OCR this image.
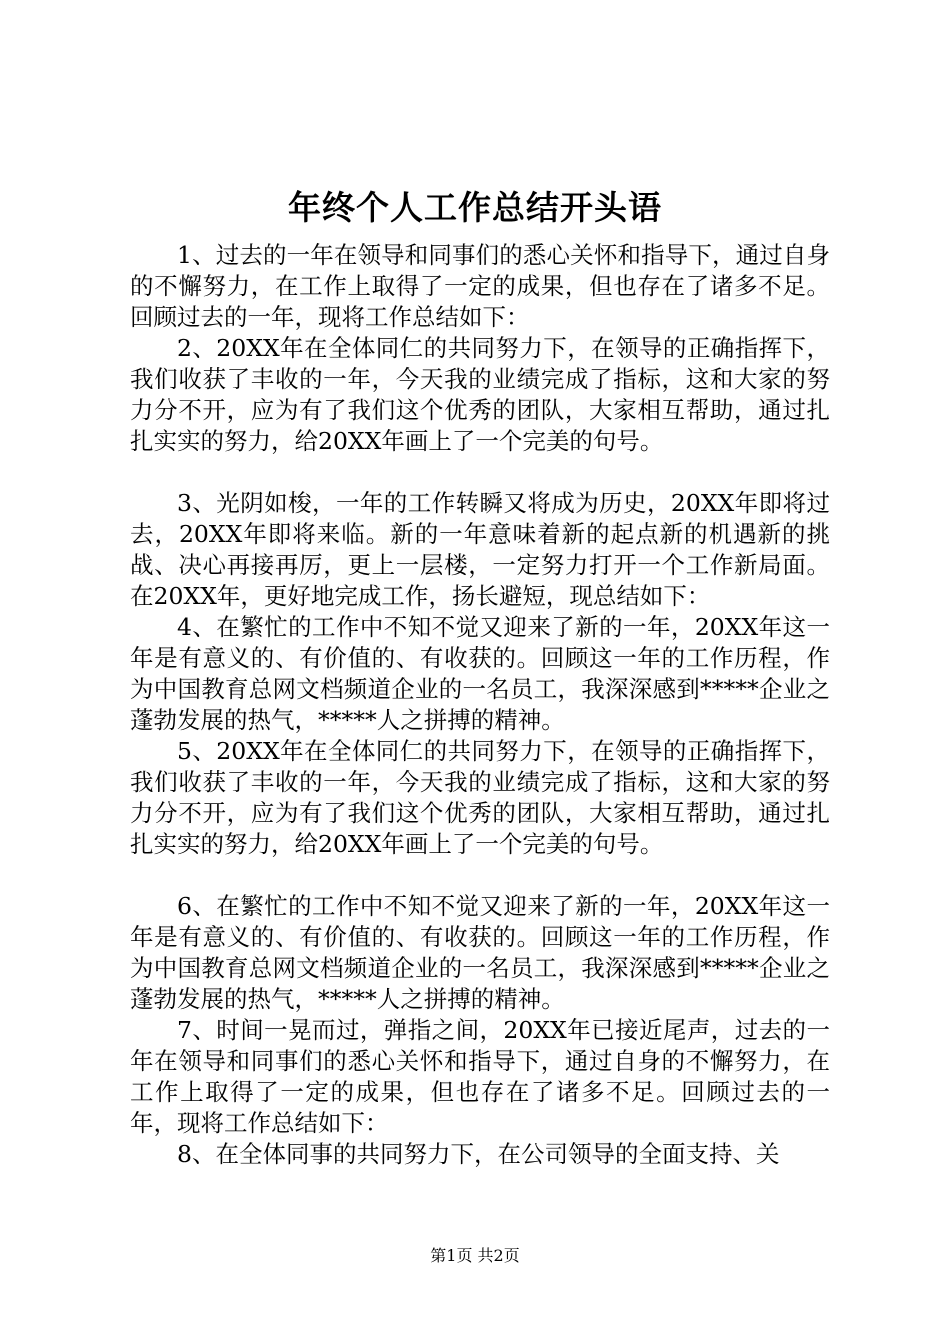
年终个人工作总结开头语

1、过去的一年在领导和同事们的悉心关怀和指导下，通过自身的不懈努力，在工作上取得了一定的成果，但也存在了诸多不足。回顾过去的一年，现将工作总结如下：

2、20XX年在全体同仁的共同努力下，在领导的正确指挥下，我们收获了丰收的一年，今天我的业绩完成了指标，这和大家的努力分不开，应为有了我们这个优秀的团队，大家相互帮助，通过扎扎实实的努力，给20XX年画上了一个完美的句号。

3、光阴如梭，一年的工作转瞬又将成为历史，20XX年即将过去，20XX年即将来临。新的一年意味着新的起点新的机遇新的挑战、决心再接再厉，更上一层楼，一定努力打开一个工作新局面。在20XX年，更好地完成工作，扬长避短，现总结如下：

4、在繁忙的工作中不知不觉又迎来了新的一年，20XX年这一年是有意义的、有价值的、有收获的。回顾这一年的工作历程，作为中国教育总网文档频道企业的一名员工，我深深感到*****企业之蓬勃发展的热气，*****人之拼搏的精神。

5、20XX年在全体同仁的共同努力下，在领导的正确指挥下，我们收获了丰收的一年，今天我的业绩完成了指标，这和大家的努力分不开，应为有了我们这个优秀的团队，大家相互帮助，通过扎扎实实的努力，给20XX年画上了一个完美的句号。

6、在繁忙的工作中不知不觉又迎来了新的一年，20XX年这一年是有意义的、有价值的、有收获的。回顾这一年的工作历程，作为中国教育总网文档频道企业的一名员工，我深深感到*****企业之蓬勃发展的热气，*****人之拼搏的精神。

7、时间一晃而过，弹指之间，20XX年已接近尾声，过去的一年在领导和同事们的悉心关怀和指导下，通过自身的不懈努力，在工作上取得了一定的成果，但也存在了诸多不足。回顾过去的一年，现将工作总结如下：

8、在全体同事的共同努力下，在公司领导的全面支持、关

第1页 共2页
